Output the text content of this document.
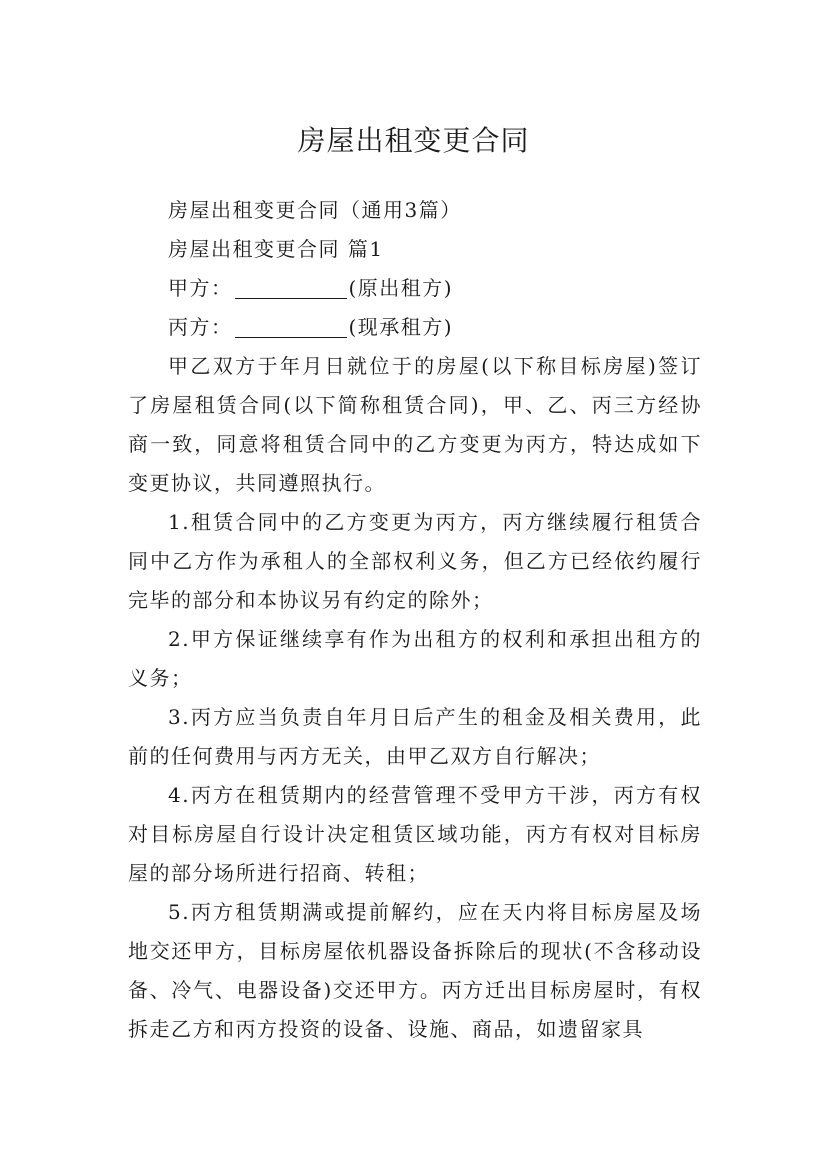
房屋出租变更合同

房屋出租变更合同（通用3篇）

房屋出租变更合同 篇1

甲方：	(原出租方)

丙方：	(现承租方)

甲乙双方于年月日就位于的房屋(以下称目标房屋)签订了房屋租赁合同(以下简称租赁合同)，甲、乙、丙三方经协商一致，同意将租赁合同中的乙方变更为丙方，特达成如下变更协议，共同遵照执行。

1.租赁合同中的乙方变更为丙方，丙方继续履行租赁合同中乙方作为承租人的全部权利义务，但乙方已经依约履行完毕的部分和本协议另有约定的除外；

2.甲方保证继续享有作为出租方的权利和承担出租方的义务；

3.丙方应当负责自年月日后产生的租金及相关费用，此前的任何费用与丙方无关，由甲乙双方自行解决；

4.丙方在租赁期内的经营管理不受甲方干涉，丙方有权对目标房屋自行设计决定租赁区域功能，丙方有权对目标房屋的部分场所进行招商、转租；

5.丙方租赁期满或提前解约，应在天内将目标房屋及场地交还甲方，目标房屋依机器设备拆除后的现状(不含移动设备、冷气、电器设备)交还甲方。丙方迁出目标房屋时，有权拆走乙方和丙方投资的设备、设施、商品，如遗留家具
